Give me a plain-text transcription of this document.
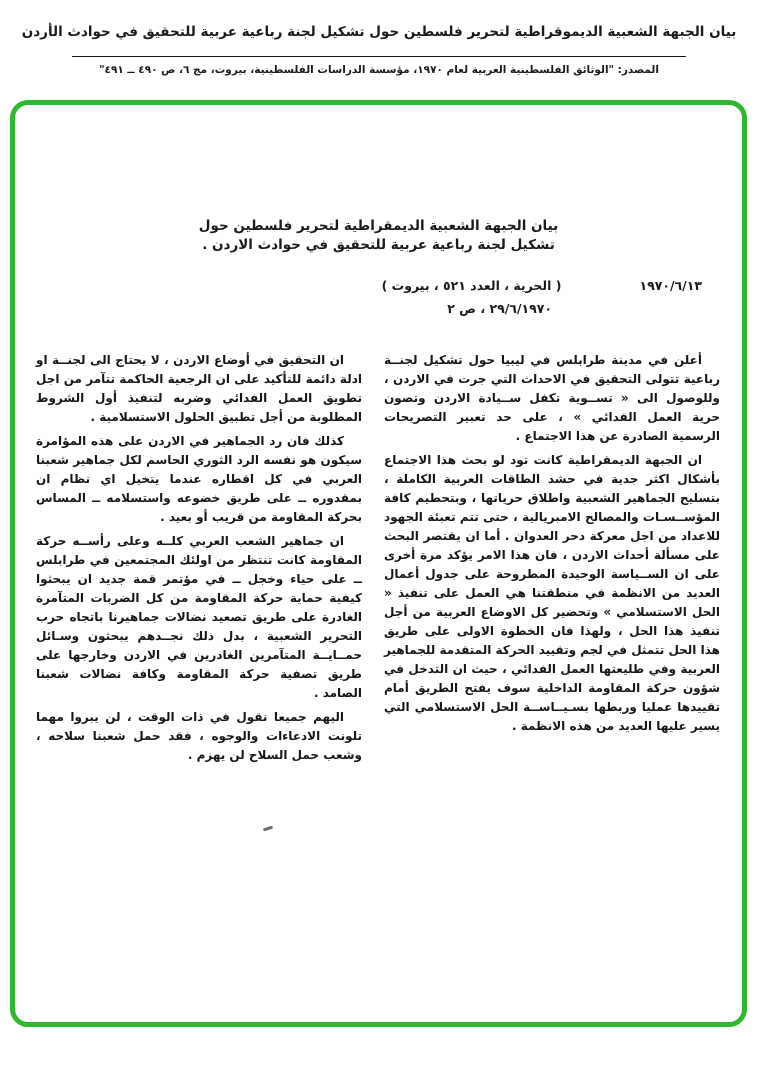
بيان الجبهة الشعبية الديموقراطية لتحرير فلسطين حول تشكيل لجنة رباعية عربية للتحقيق في حوادث الأردن
المصدر: "الوثائق الفلسطينية العربية لعام ١٩٧٠، مؤسسة الدراسات الفلسطينية، بيروت، مج ٦، ص ٤٩٠ ــ ٤٩١"
بيان الجبهة الشعبية الديمقراطية لتحرير فلسطين حول
تشكيل لجنة رباعية عربية للتحقيق في حوادث الاردن .
١٩٧٠/٦/١٣
( الحرية ، العدد ٥٢١ ، بيروت )
٢٩/٦/١٩٧٠ ، ص ٢

أعلن في مدينة طرابلس في ليبيا حول تشكيل لجنــة رباعية تتولى التحقيق في الاحداث التي جرت في الاردن ، وللوصول الى « تســوية تكفل ســيادة الاردن وتصون حرية العمل الفدائي » ، على حد تعبير التصريحات الرسمية الصادرة عن هذا الاجتماع .

ان الجبهة الديمقراطية كانت تود لو بحث هذا الاجتماع بأشكال اكثر جدية في حشد الطاقات العربية الكاملة ، بتسليح الجماهير الشعبية واطلاق حرياتها ، وبتحطيم كافة المؤســسـات والمصالح الامبريالية ، حتى تتم تعبئة الجهود للاعداد من اجل معركة دحر العدوان . أما ان يقتصر البحث على مسألة أحداث الاردن ، فان هذا الامر يؤكد مرة أخرى على ان الســياسة الوحيدة المطروحة على جدول أعمال العديد من الانظمة في منطقتنا هي العمل على تنفيذ « الحل الاستسلامي » وتحضير كل الاوضاع العربية من أجل تنفيذ هذا الحل ، ولهذا فان الخطوة الاولى على طريق هذا الحل تتمثل في لجم وتقييد الحركة المتقدمة للجماهير العربية وفي طليعتها العمل الفدائي ، حيث ان التدخل في شؤون حركة المقاومة الداخلية سوف يفتح الطريق أمام تقييدها عمليا وربطها بسـيــاســة الحل الاستسلامي التي يسير عليها العديد من هذه الانظمة .

ان التحقيق في أوضاع الاردن ، لا يحتاج الى لجنــة او ادلة دائمة للتأكيد على ان الرجعية الحاكمة تتآمر من اجل تطويق العمل الفدائي وضربه لتنفيذ أول الشروط المطلوبة من أجل تطبيق الحلول الاستسلامية .

كذلك فان رد الجماهير في الاردن على هذه المؤامرة سيكون هو نفسه الرد الثوري الحاسم لكل جماهير شعبنا العربي في كل اقطاره عندما يتخيل اي نظام ان بمقدوره ــ على طريق خضوعه واستسلامه ــ المساس بحركة المقاومة من قريب أو بعيد .

ان جماهير الشعب العربي كلــه وعلى رأســه حركة المقاومة كانت تنتظر من اولئك المجتمعين في طرابلس ــ على حياء وخجل ــ في مؤتمر قمة جديد ان يبحثوا كيفية حماية حركة المقاومة من كل الضربات المتآمرة الغادرة على طريق تصعيد نضالات جماهيرنا باتجاه حرب التحرير الشعبية ، بدل ذلك نجــدهم يبحثون وسـائل حمــايــة المتآمرين الغادرين في الاردن وخارجها على طريق تصفية حركة المقاومة وكافة نضالات شعبنا الصامد .

اليهم جميعا نقول في ذات الوقت ، لن يبروا مهما تلونت الادعاءات والوجوه ، فقد حمل شعبنا سلاحه ، وشعب حمل السلاح لن يهزم .
